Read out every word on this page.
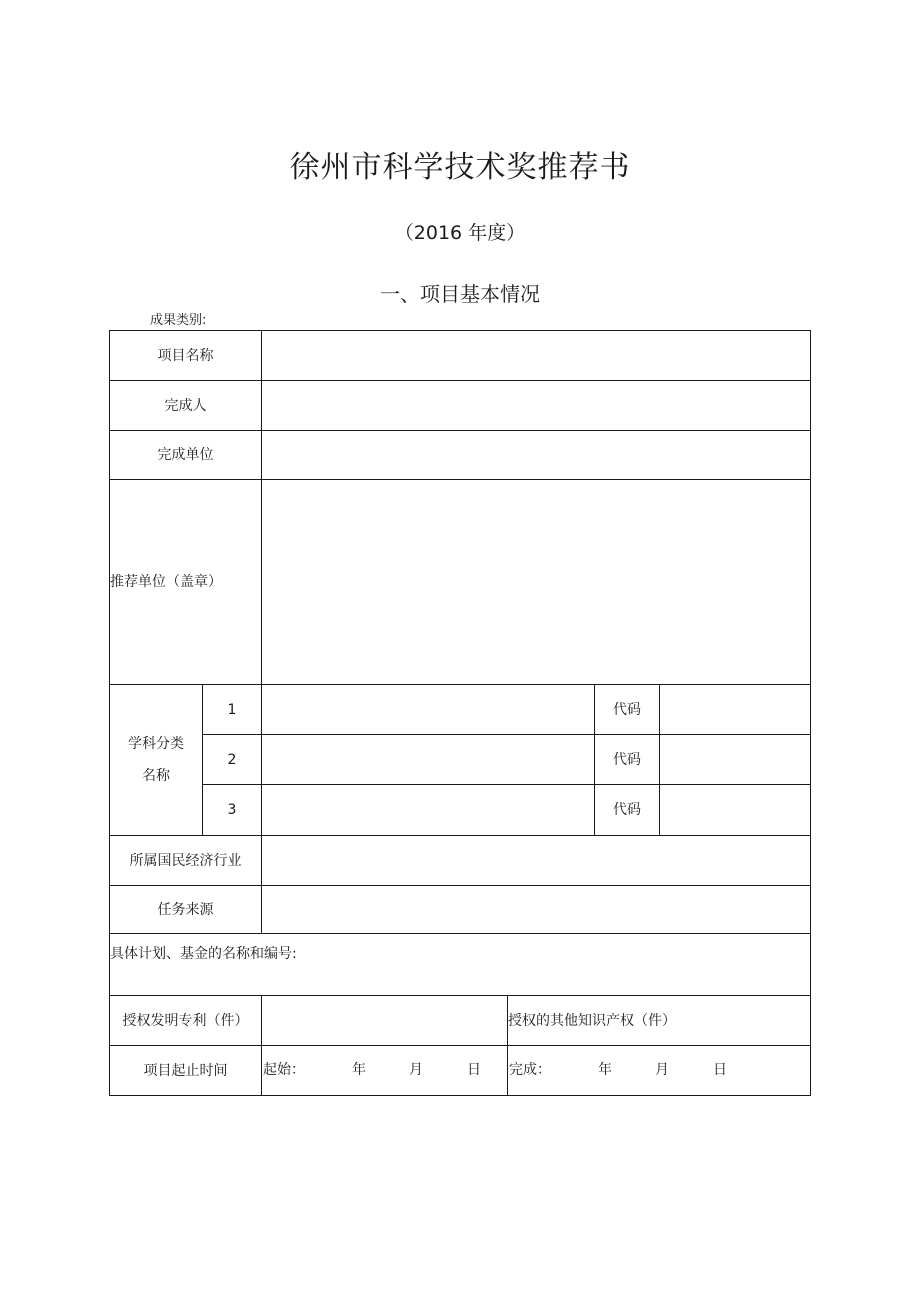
徐州市科学技术奖推荐书
（2016 年度）
一、项目基本情况
成果类别:
项目名称
完成人
完成单位
推荐单位（盖章）
学科分类
名称
1	代码
2	代码
3	代码
所属国民经济行业
任务来源
具体计划、基金的名称和编号:
授权发明专利（件）	授权的其他知识产权（件）
项目起止时间	起始：	年	月	日 完成：	年	月	日
